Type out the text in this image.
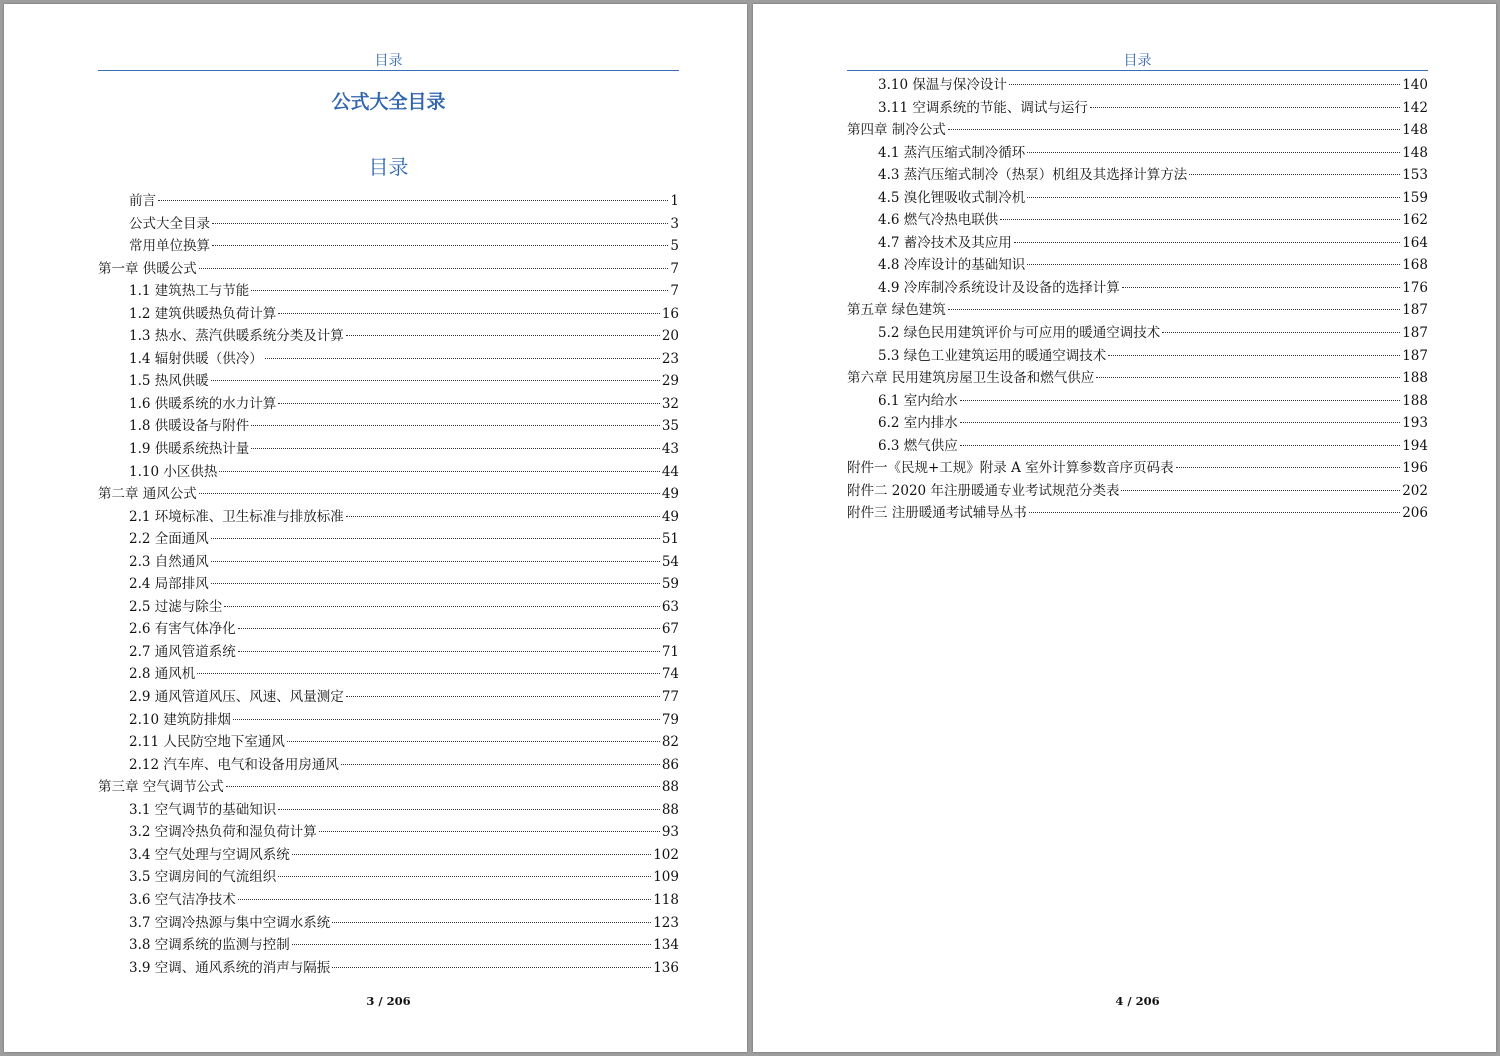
目录
公式大全目录
目录
前言	1
公式大全目录	3
常用单位换算	5
第一章 供暖公式	7
1.1 建筑热工与节能	7
1.2 建筑供暖热负荷计算	16
1.3 热水、蒸汽供暖系统分类及计算	20
1.4 辐射供暖（供冷）	23
1.5 热风供暖	29
1.6 供暖系统的水力计算	32
1.8 供暖设备与附件	35
1.9 供暖系统热计量	43
1.10 小区供热	44
第二章 通风公式	49
2.1 环境标准、卫生标准与排放标准	49
2.2 全面通风	51
2.3 自然通风	54
2.4 局部排风	59
2.5 过滤与除尘	63
2.6 有害气体净化	67
2.7 通风管道系统	71
2.8 通风机	74
2.9 通风管道风压、风速、风量测定	77
2.10 建筑防排烟	79
2.11 人民防空地下室通风	82
2.12 汽车库、电气和设备用房通风	86
第三章 空气调节公式	88
3.1 空气调节的基础知识	88
3.2 空调冷热负荷和湿负荷计算	93
3.4 空气处理与空调风系统	102
3.5 空调房间的气流组织	109
3.6 空气洁净技术	118
3.7 空调冷热源与集中空调水系统	123
3.8 空调系统的监测与控制	134
3.9 空调、通风系统的消声与隔振	136
3 / 206
目录
3.10 保温与保冷设计	140
3.11 空调系统的节能、调试与运行	142
第四章 制冷公式	148
4.1 蒸汽压缩式制冷循环	148
4.3 蒸汽压缩式制冷（热泵）机组及其选择计算方法	153
4.5 溴化锂吸收式制冷机	159
4.6 燃气冷热电联供	162
4.7 蓄冷技术及其应用	164
4.8 冷库设计的基础知识	168
4.9 冷库制冷系统设计及设备的选择计算	176
第五章 绿色建筑	187
5.2 绿色民用建筑评价与可应用的暖通空调技术	187
5.3 绿色工业建筑运用的暖通空调技术	187
第六章 民用建筑房屋卫生设备和燃气供应	188
6.1 室内给水	188
6.2 室内排水	193
6.3 燃气供应	194
附件一《民规+工规》附录 A 室外计算参数音序页码表	196
附件二 2020 年注册暖通专业考试规范分类表	202
附件三 注册暖通考试辅导丛书	206
4 / 206
